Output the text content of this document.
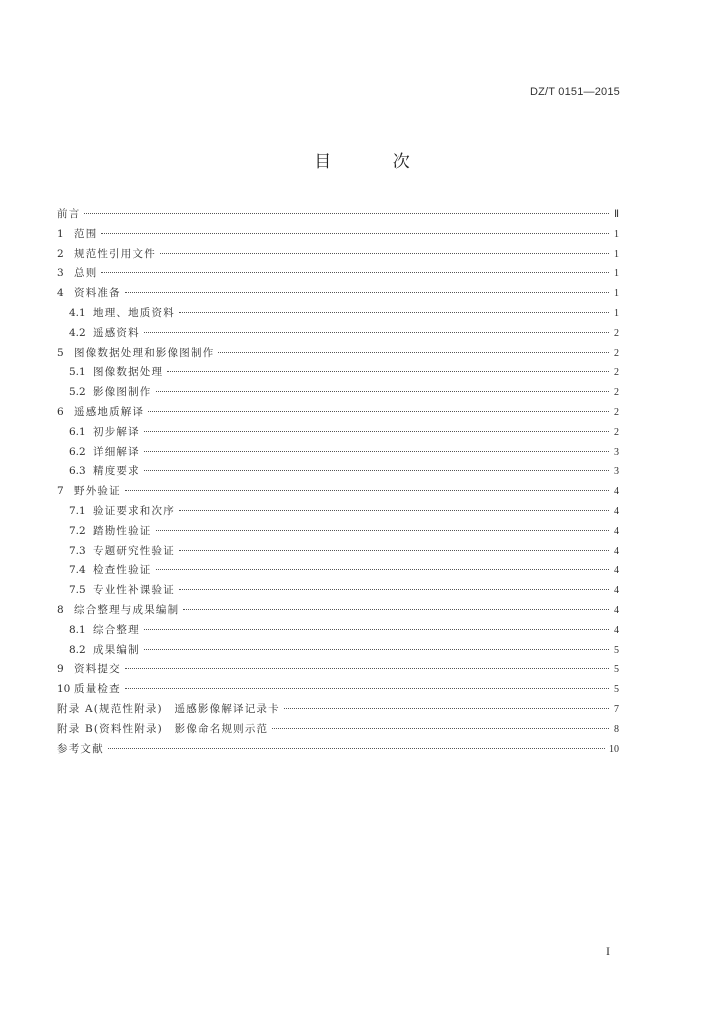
DZ/T 0151—2015
目 次
前言	Ⅱ
1 范围	1
2 规范性引用文件	1
3 总则	1
4 资料准备	1
4.1 地理、地质资料	1
4.2 遥感资料	2
5 图像数据处理和影像图制作	2
5.1 图像数据处理	2
5.2 影像图制作	2
6 遥感地质解译	2
6.1 初步解译	2
6.2 详细解译	3
6.3 精度要求	3
7 野外验证	4
7.1 验证要求和次序	4
7.2 踏勘性验证	4
7.3 专题研究性验证	4
7.4 检查性验证	4
7.5 专业性补课验证	4
8 综合整理与成果编制	4
8.1 综合整理	4
8.2 成果编制	5
9 资料提交	5
10 质量检查	5
附录 A(规范性附录)　遥感影像解译记录卡	7
附录 B(资料性附录)　影像命名规则示范	8
参考文献	10
I
